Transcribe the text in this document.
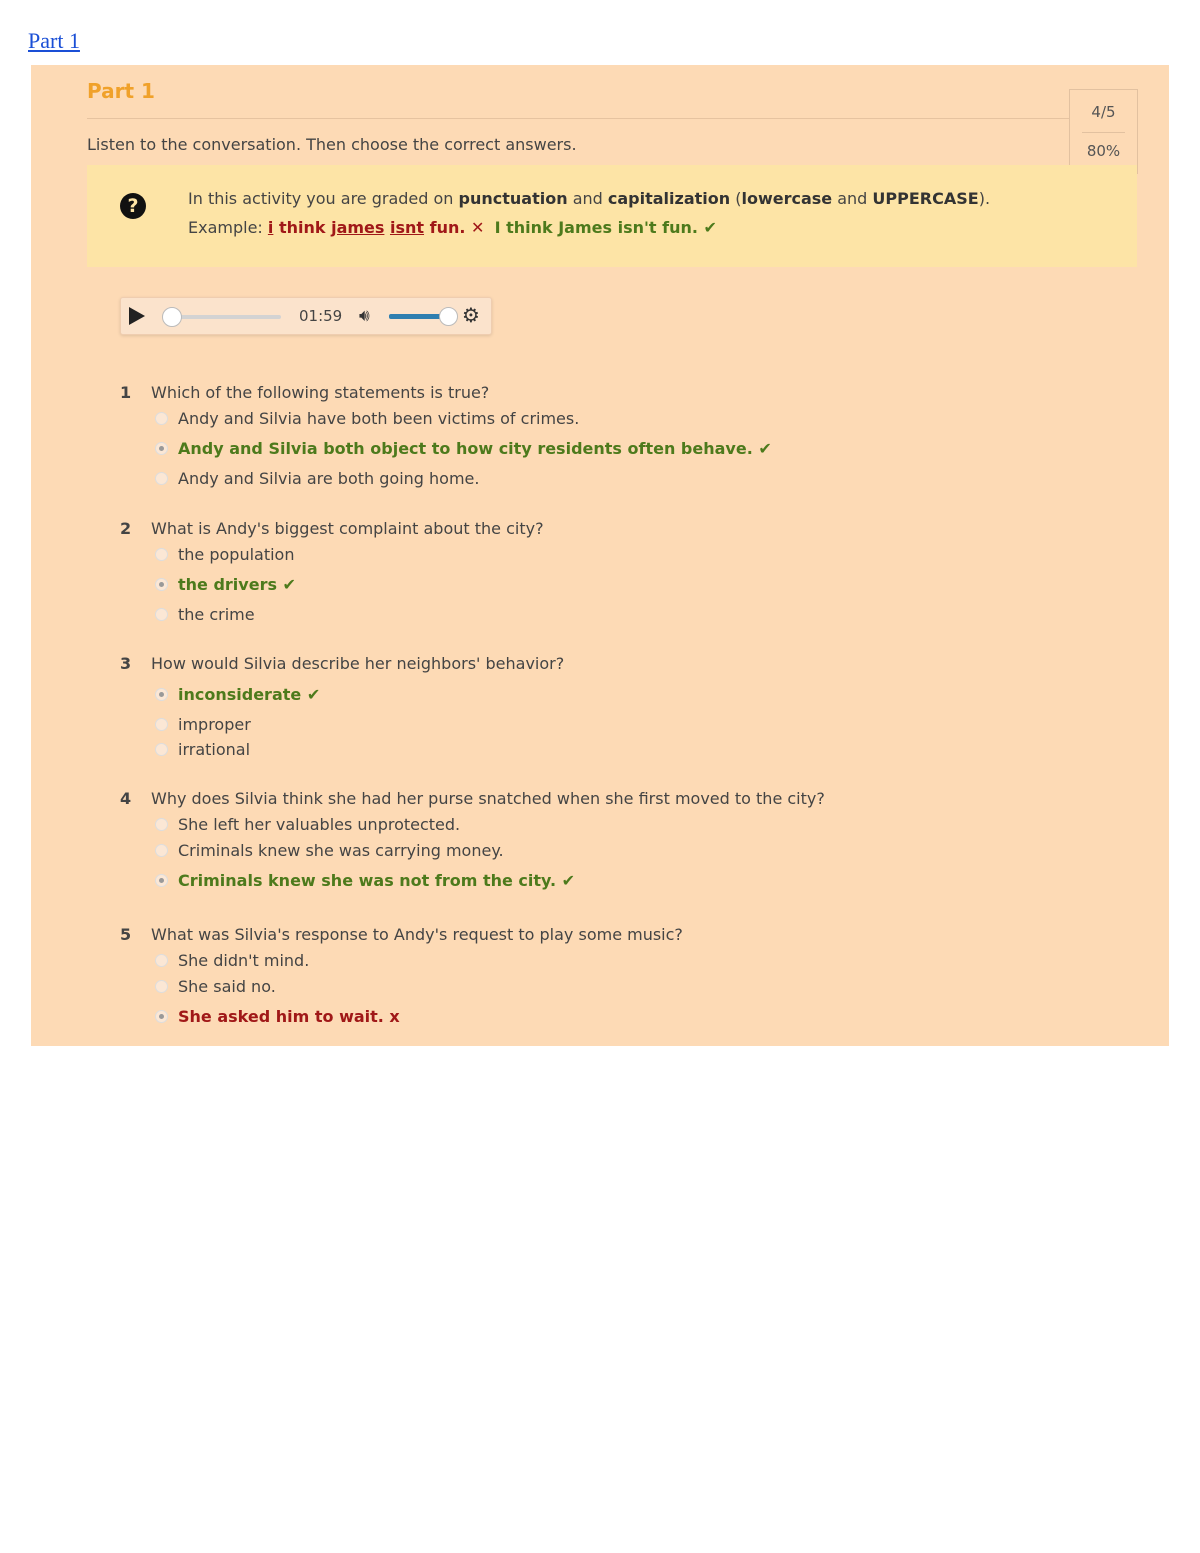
Part 1
Part 1
4/5
80%
Listen to the conversation. Then choose the correct answers.
?	In this activity you are graded on punctuation and capitalization (lowercase and UPPERCASE).
Example: i think james isnt fun. ✕ I think James isn't fun. ✔
01:59 🔊︎	⚙
1 Which of the following statements is true?
Andy and Silvia have both been victims of crimes.
Andy and Silvia both object to how city residents often behave. ✔
Andy and Silvia are both going home.
2 What is Andy's biggest complaint about the city?
the population
the drivers ✔
the crime
3 How would Silvia describe her neighbors' behavior?
inconsiderate ✔
improper
irrational
4 Why does Silvia think she had her purse snatched when she first moved to the city?
She left her valuables unprotected.
Criminals knew she was carrying money.
Criminals knew she was not from the city. ✔
5 What was Silvia's response to Andy's request to play some music?
She didn't mind.
She said no.
She asked him to wait. x
